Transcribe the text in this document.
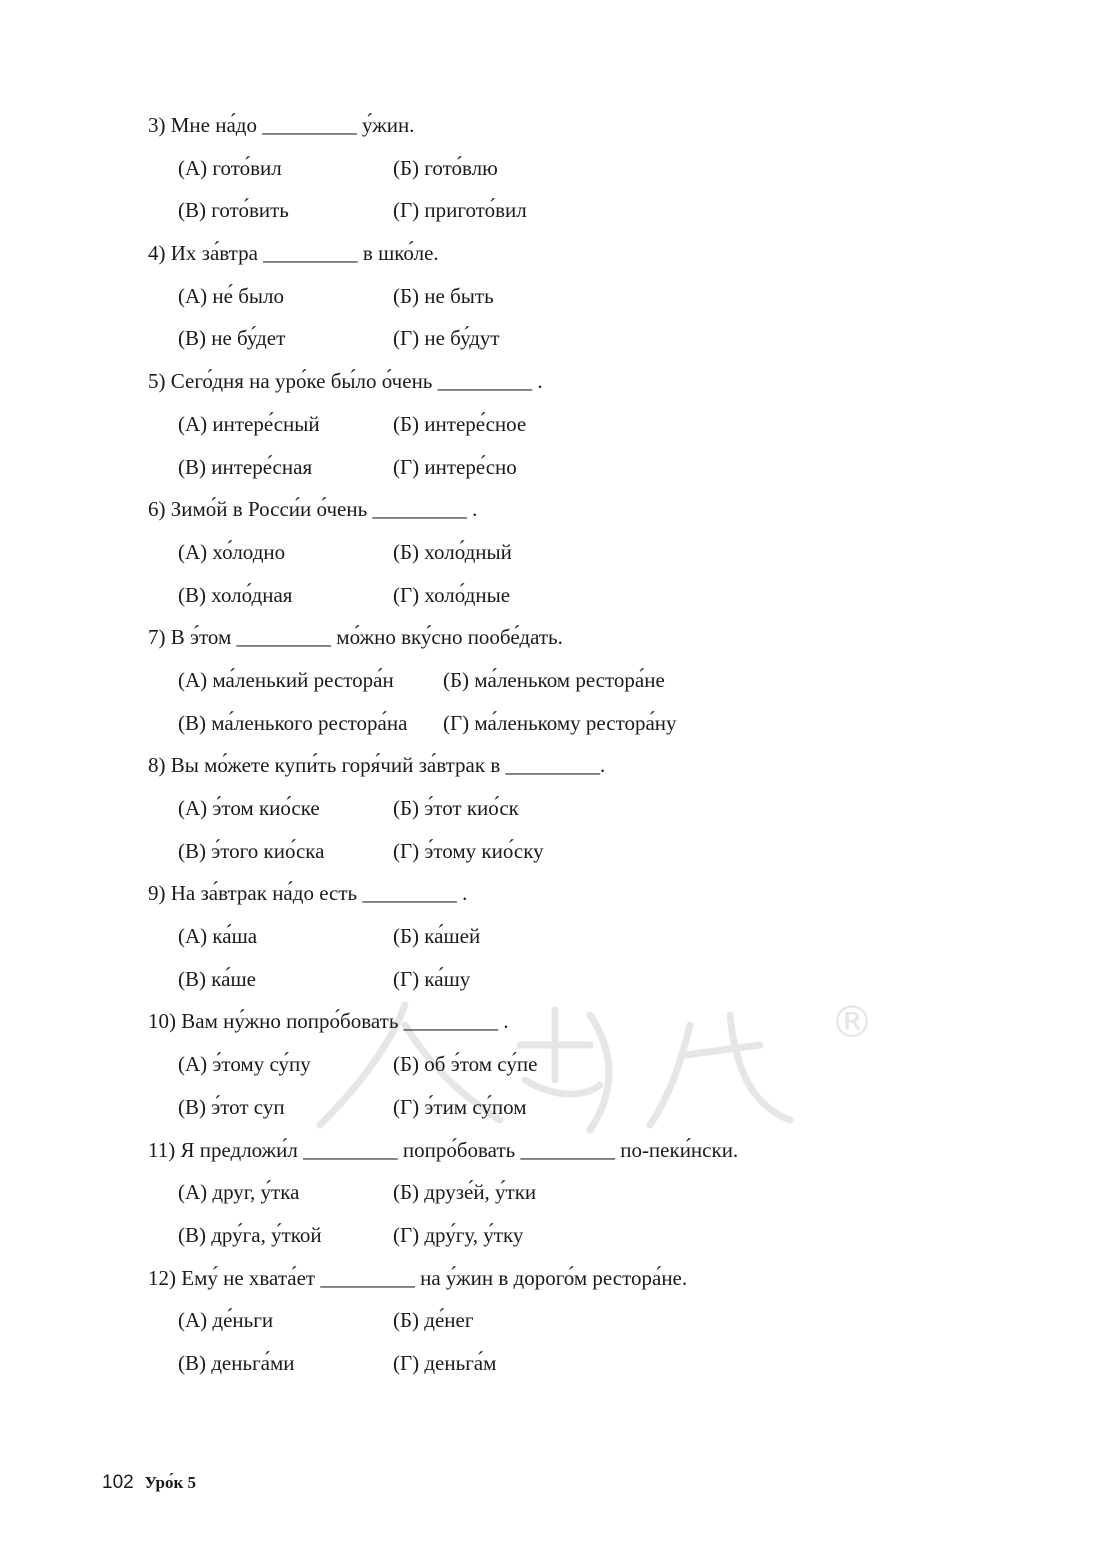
®
3) Мне на́до _________ у́жин.
(А) гото́вил	(Б) гото́влю
(В) гото́вить	(Г) пригото́вил
4) Их за́втра _________ в шко́ле.
(А) не́ было	(Б) не быть
(В) не бу́дет	(Г) не бу́дут
5) Сего́дня на уро́ке бы́ло о́чень _________ .
(А) интере́сный	(Б) интере́сное
(В) интере́сная	(Г) интере́сно
6) Зимо́й в Росси́и о́чень _________ .
(А) хо́лодно	(Б) холо́дный
(В) холо́дная	(Г) холо́дные
7) В э́том _________ мо́жно вку́сно пообе́дать.
(А) ма́ленький рестора́н (Б) ма́леньком рестора́не
(В) ма́ленького рестора́на (Г) ма́ленькому рестора́ну
8) Вы мо́жете купи́ть горя́чий за́втрак в _________.
(А) э́том кио́ске	(Б) э́тот кио́ск
(В) э́того кио́ска	(Г) э́тому кио́ску
9) На за́втрак на́до есть _________ .
(А) ка́ша	(Б) ка́шей
(В) ка́ше	(Г) ка́шу
10) Вам ну́жно попро́бовать _________ .
(А) э́тому су́пу	(Б) об э́том су́пе
(В) э́тот суп	(Г) э́тим су́пом
11) Я предложи́л _________ попро́бовать _________ по-пеки́нски.
(А) друг, у́тка	(Б) друзе́й, у́тки
(В) дру́га, у́ткой	(Г) дру́гу, у́тку
12) Ему́ не хвата́ет _________ на у́жин в дорого́м рестора́не.
(А) де́ньги	(Б) де́нег
(В) деньга́ми	(Г) деньга́м
102 Уро́к 5
